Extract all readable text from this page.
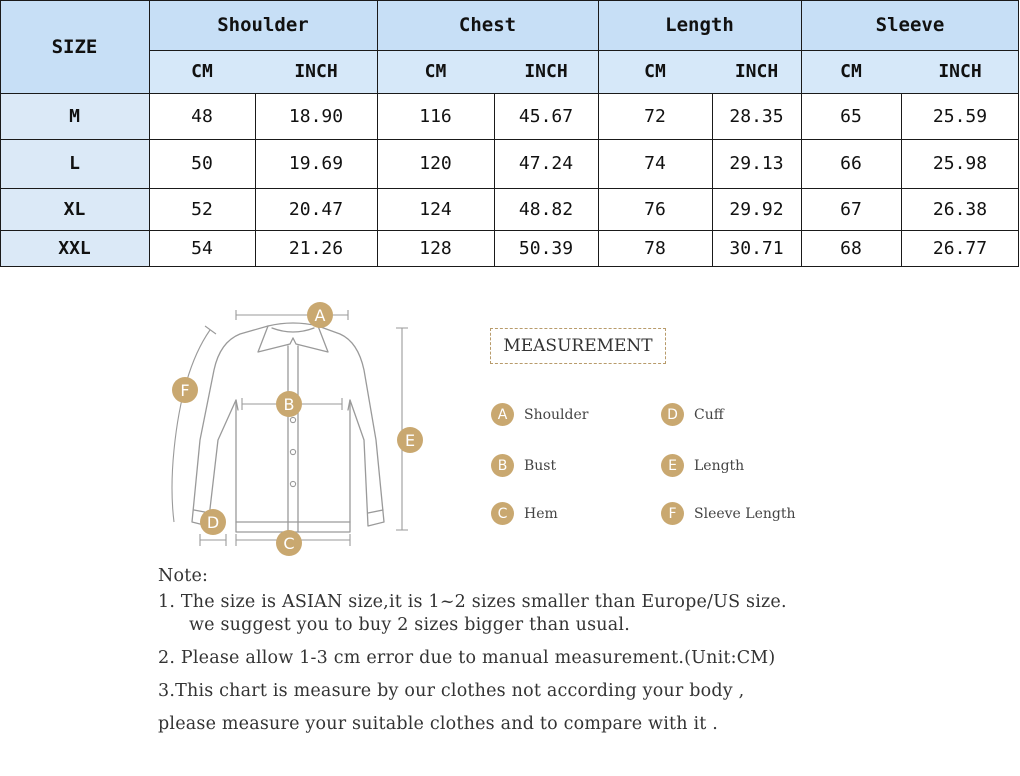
SIZE
Shoulder
CM	INCH
Chest
CM	INCH
Length
CM	INCH
Sleeve
CM	INCH
M	48	18.90	116	45.67	72	28.35	65	25.59
L	50	19.69	120	47.24	74	29.13	66	25.98
XL	52	20.47	124	48.82	76	29.92	67	26.38
XXL	54	21.26	128	50.39	78	30.71	68	26.77
A
B
C
D
E
F
MEASUREMENT
A	Shoulder
B	Bust
C	Hem
D	Cuff
E	Length
F	Sleeve Length
Note:
1. The size is ASIAN size,it is 1~2 sizes smaller than Europe/US size.
we suggest you to buy 2 sizes bigger than usual.
2. Please allow 1-3 cm error due to manual measurement.(Unit:CM)
3.This chart is measure by our clothes not according your body ,
please measure your suitable clothes and to compare with it .
